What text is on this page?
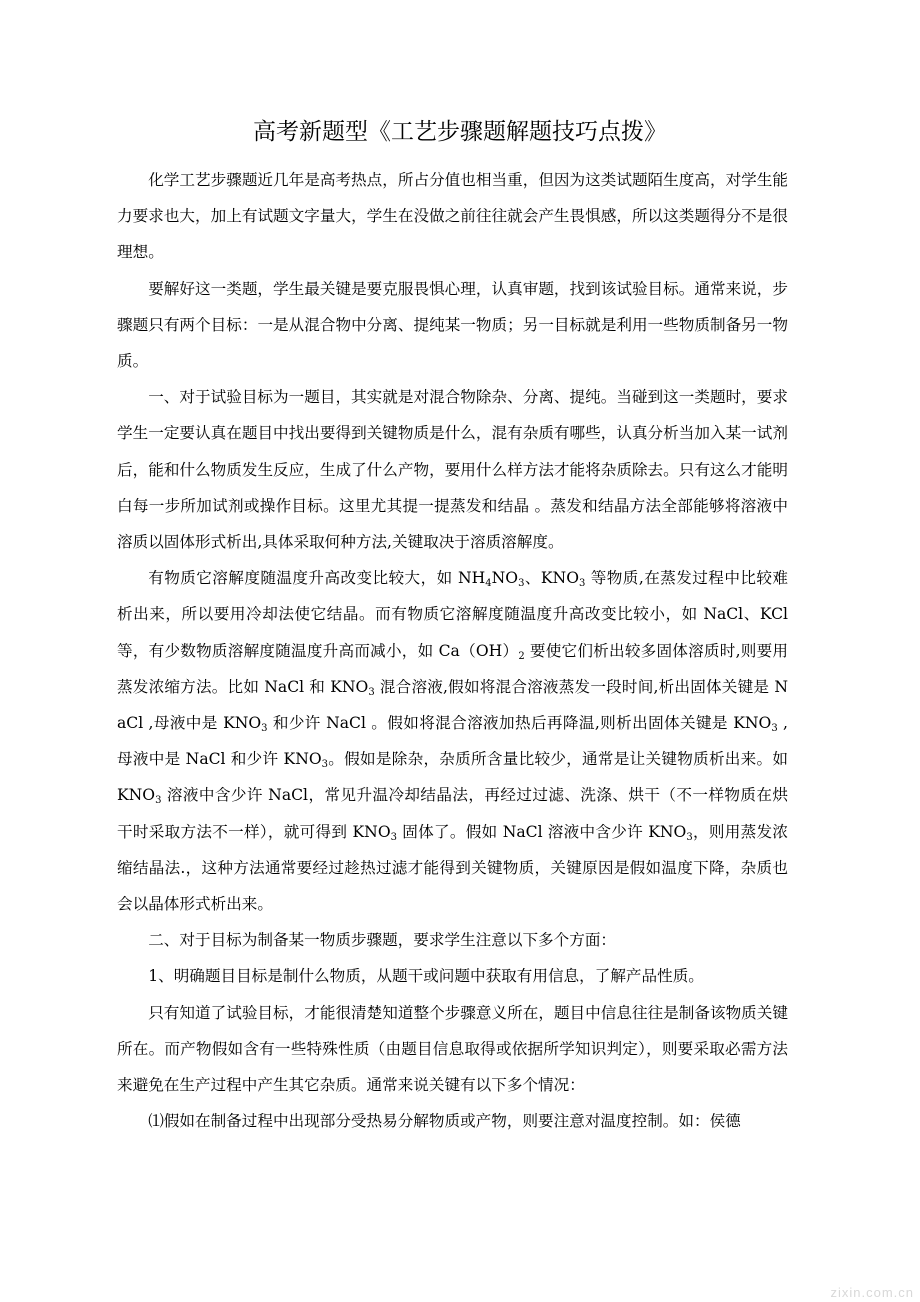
高考新题型《工艺步骤题解题技巧点拨》

化学工艺步骤题近几年是高考热点，所占分值也相当重，但因为这类试题陌生度高，对学生能力要求也大，加上有试题文字量大，学生在没做之前往往就会产生畏惧感，所以这类题得分不是很理想。

要解好这一类题，学生最关键是要克服畏惧心理，认真审题，找到该试验目标。通常来说，步骤题只有两个目标：一是从混合物中分离、提纯某一物质；另一目标就是利用一些物质制备另一物质。

一、对于试验目标为一题目，其实就是对混合物除杂、分离、提纯。当碰到这一类题时，要求学生一定要认真在题目中找出要得到关键物质是什么，混有杂质有哪些，认真分析当加入某一试剂后，能和什么物质发生反应，生成了什么产物，要用什么样方法才能将杂质除去。只有这么才能明白每一步所加试剂或操作目标。这里尤其提一提蒸发和结晶 。蒸发和结晶方法全部能够将溶液中溶质以固体形式析出,具体采取何种方法,关键取决于溶质溶解度。

有物质它溶解度随温度升高改变比较大，如 $NH_4NO_3$、$KNO_3$ 等物质,在蒸发过程中比较难析出来，所以要用冷却法使它结晶。而有物质它溶解度随温度升高改变比较小，如 NaCl、KCl 等，有少数物质溶解度随温度升高而减小，如 $Ca(OH)_2$ 要使它们析出较多固体溶质时,则要用蒸发浓缩方法。比如 NaCl 和 $KNO_3$ 混合溶液,假如将混合溶液蒸发一段时间,析出固体关键是 NaCl ,母液中是 $KNO_3$ 和少许 NaCl 。假如将混合溶液加热后再降温,则析出固体关键是 $KNO_3$ ,母液中是 NaCl 和少许 $KNO_3$。假如是除杂，杂质所含量比较少，通常是让关键物质析出来。如 $KNO_3$ 溶液中含少许 NaCl，常见升温冷却结晶法，再经过过滤、洗涤、烘干（不一样物质在烘干时采取方法不一样），就可得到 $KNO_3$ 固体了。假如 NaCl 溶液中含少许 $KNO_3$，则用蒸发浓缩结晶法.，这种方法通常要经过趁热过滤才能得到关键物质，关键原因是假如温度下降，杂质也会以晶体形式析出来。

二、对于目标为制备某一物质步骤题，要求学生注意以下多个方面：

1、明确题目目标是制什么物质，从题干或问题中获取有用信息，了解产品性质。

只有知道了试验目标，才能很清楚知道整个步骤意义所在，题目中信息往往是制备该物质关键所在。而产物假如含有一些特殊性质（由题目信息取得或依据所学知识判定），则要采取必需方法来避免在生产过程中产生其它杂质。通常来说关键有以下多个情况：

⑴假如在制备过程中出现部分受热易分解物质或产物，则要注意对温度控制。如：侯德

zixin.com.cn
